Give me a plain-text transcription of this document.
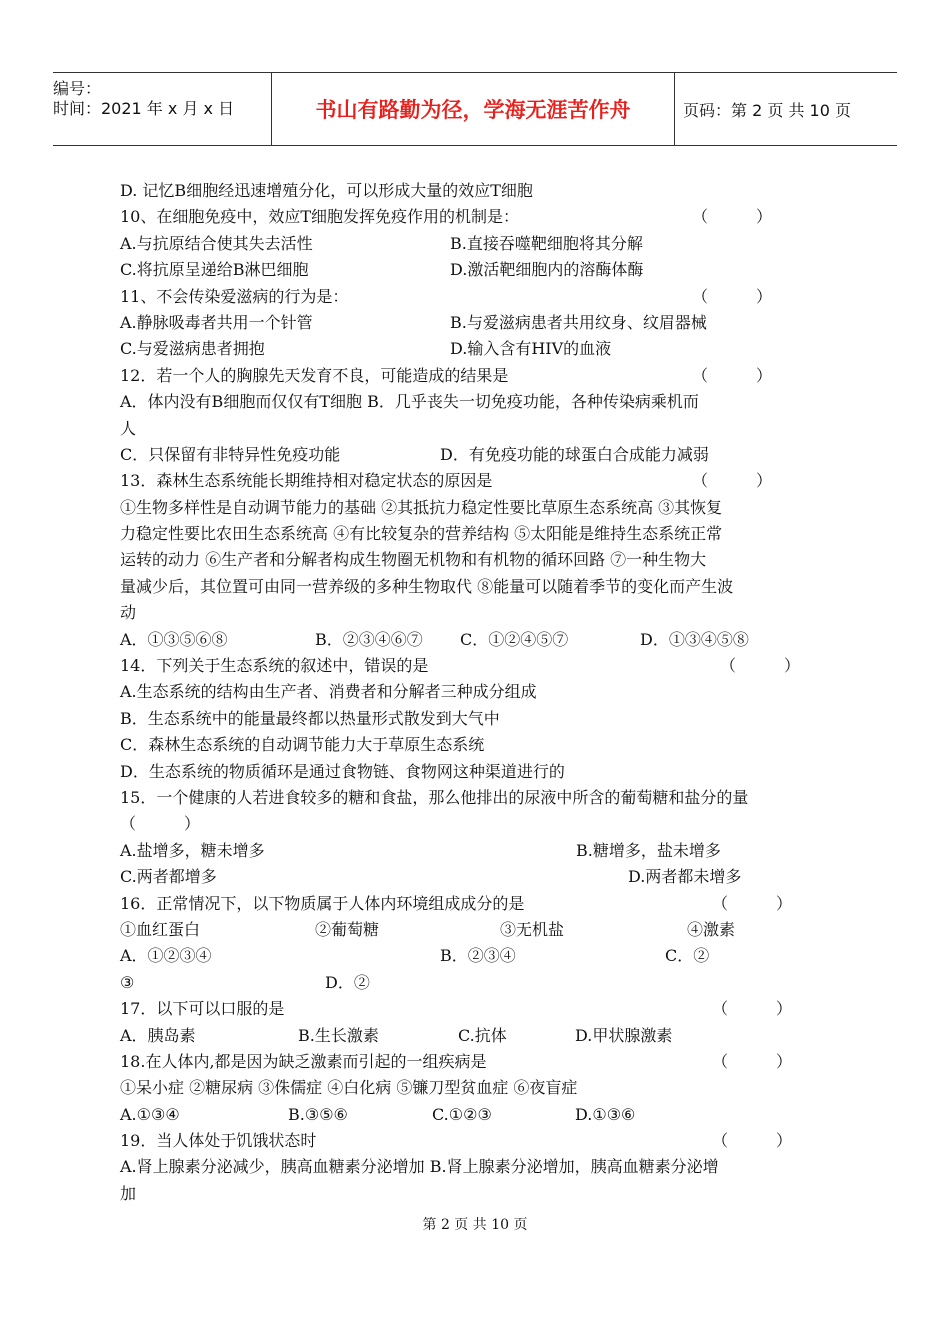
编号：
时间：2021 年 x 月 x 日	书山有路勤为径，学海无涯苦作舟	页码：第 2 页 共 10 页
D. 记忆B细胞经迅速增殖分化，可以形成大量的效应T细胞
10、在细胞免疫中，效应T细胞发挥免疫作用的机制是：	（　　　）
A.与抗原结合使其失去活性	B.直接吞噬靶细胞将其分解
C.将抗原呈递给B淋巴细胞	D.激活靶细胞内的溶酶体酶
11、不会传染爱滋病的行为是：	（　　　）
A.静脉吸毒者共用一个针管	B.与爱滋病患者共用纹身、纹眉器械
C.与爱滋病患者拥抱	D.输入含有HIV的血液
12．若一个人的胸腺先天发育不良，可能造成的结果是	（　　　）
A．体内没有B细胞而仅仅有T细胞 B．几乎丧失一切免疫功能，各种传染病乘机而
人
C．只保留有非特异性免疫功能	D．有免疫功能的球蛋白合成能力减弱
13．森林生态系统能长期维持相对稳定状态的原因是	（　　　）
①生物多样性是自动调节能力的基础 ②其抵抗力稳定性要比草原生态系统高 ③其恢复
力稳定性要比农田生态系统高 ④有比较复杂的营养结构 ⑤太阳能是维持生态系统正常
运转的动力 ⑥生产者和分解者构成生物圈无机物和有机物的循环回路 ⑦一种生物大
量减少后，其位置可由同一营养级的多种生物取代 ⑧能量可以随着季节的变化而产生波
动
A．①③⑤⑥⑧	B．②③④⑥⑦ C．①②④⑤⑦	D．①③④⑤⑧
14．下列关于生态系统的叙述中，错误的是	（　　　）
A.生态系统的结构由生产者、消费者和分解者三种成分组成
B．生态系统中的能量最终都以热量形式散发到大气中
C．森林生态系统的自动调节能力大于草原生态系统
D．生态系统的物质循环是通过食物链、食物网这种渠道进行的
15．一个健康的人若进食较多的糖和食盐，那么他排出的尿液中所含的葡萄糖和盐分的量
（　　　）
A.盐增多，糖未增多	B.糖增多，盐未增多
C.两者都增多	D.两者都未增多
16．正常情况下，以下物质属于人体内环境组成成分的是	（　　　）
①血红蛋白	②葡萄糖	③无机盐	④激素
A．①②③④	B．②③④	C．②
③	D．②
17．以下可以口服的是	（　　　）
A．胰岛素	B.生长激素	C.抗体	D.甲状腺激素
18.在人体内,都是因为缺乏激素而引起的一组疾病是	（　　　）
①呆小症 ②糖尿病 ③侏儒症 ④白化病 ⑤镰刀型贫血症 ⑥夜盲症
A.①③④	B.③⑤⑥	C.①②③	D.①③⑥
19．当人体处于饥饿状态时	（　　　）
A.肾上腺素分泌减少，胰高血糖素分泌增加 B.肾上腺素分泌增加，胰高血糖素分泌增
加
第 2 页 共 10 页
